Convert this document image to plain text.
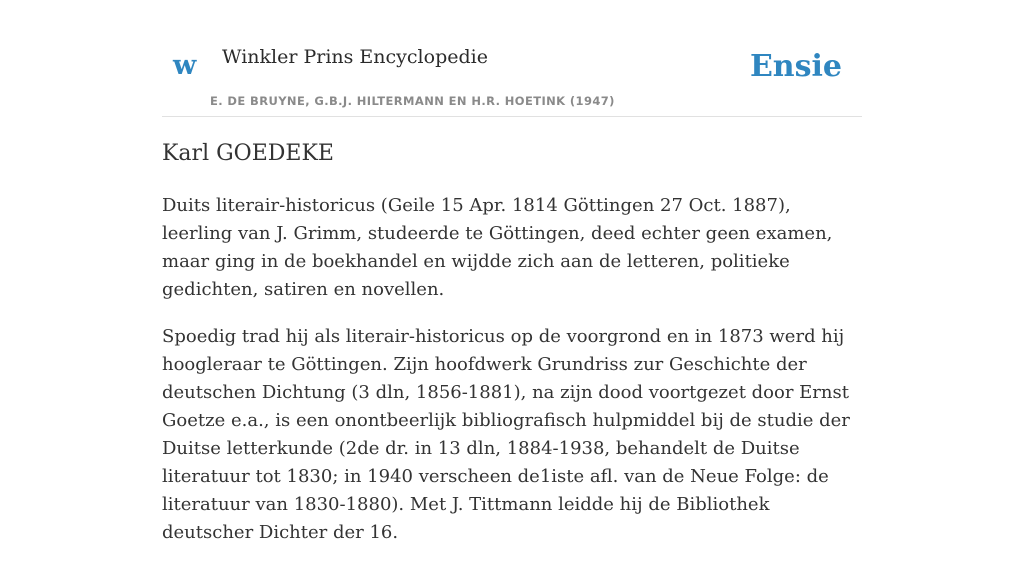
w Winkler Prins Encyclopedie
E. DE BRUYNE, G.B.J. HILTERMANN EN H.R. HOETINK (1947)
Ensie
Karl GOEDEKE

Duits literair-historicus (Geile 15 Apr. 1814 Göttingen 27 Oct. 1887), leerling van J. Grimm, studeerde te Göttingen, deed echter geen examen, maar ging in de boekhandel en wijdde zich aan de letteren, politieke gedichten, satiren en novellen.

Spoedig trad hij als literair-historicus op de voorgrond en in 1873 werd hij hoogleraar te Göttingen. Zijn hoofdwerk Grundriss zur Geschichte der deutschen Dichtung (3 dln, 1856-1881), na zijn dood voortgezet door Ernst Goetze e.a., is een onontbeerlijk bibliografisch hulpmiddel bij de studie der Duitse letterkunde (2de dr. in 13 dln, 1884-1938, behandelt de Duitse literatuur tot 1830; in 1940 verscheen de1iste afl. van de Neue Folge: de literatuur van 1830-1880). Met J. Tittmann leidde hij de Bibliothek deutscher Dichter der 16.
